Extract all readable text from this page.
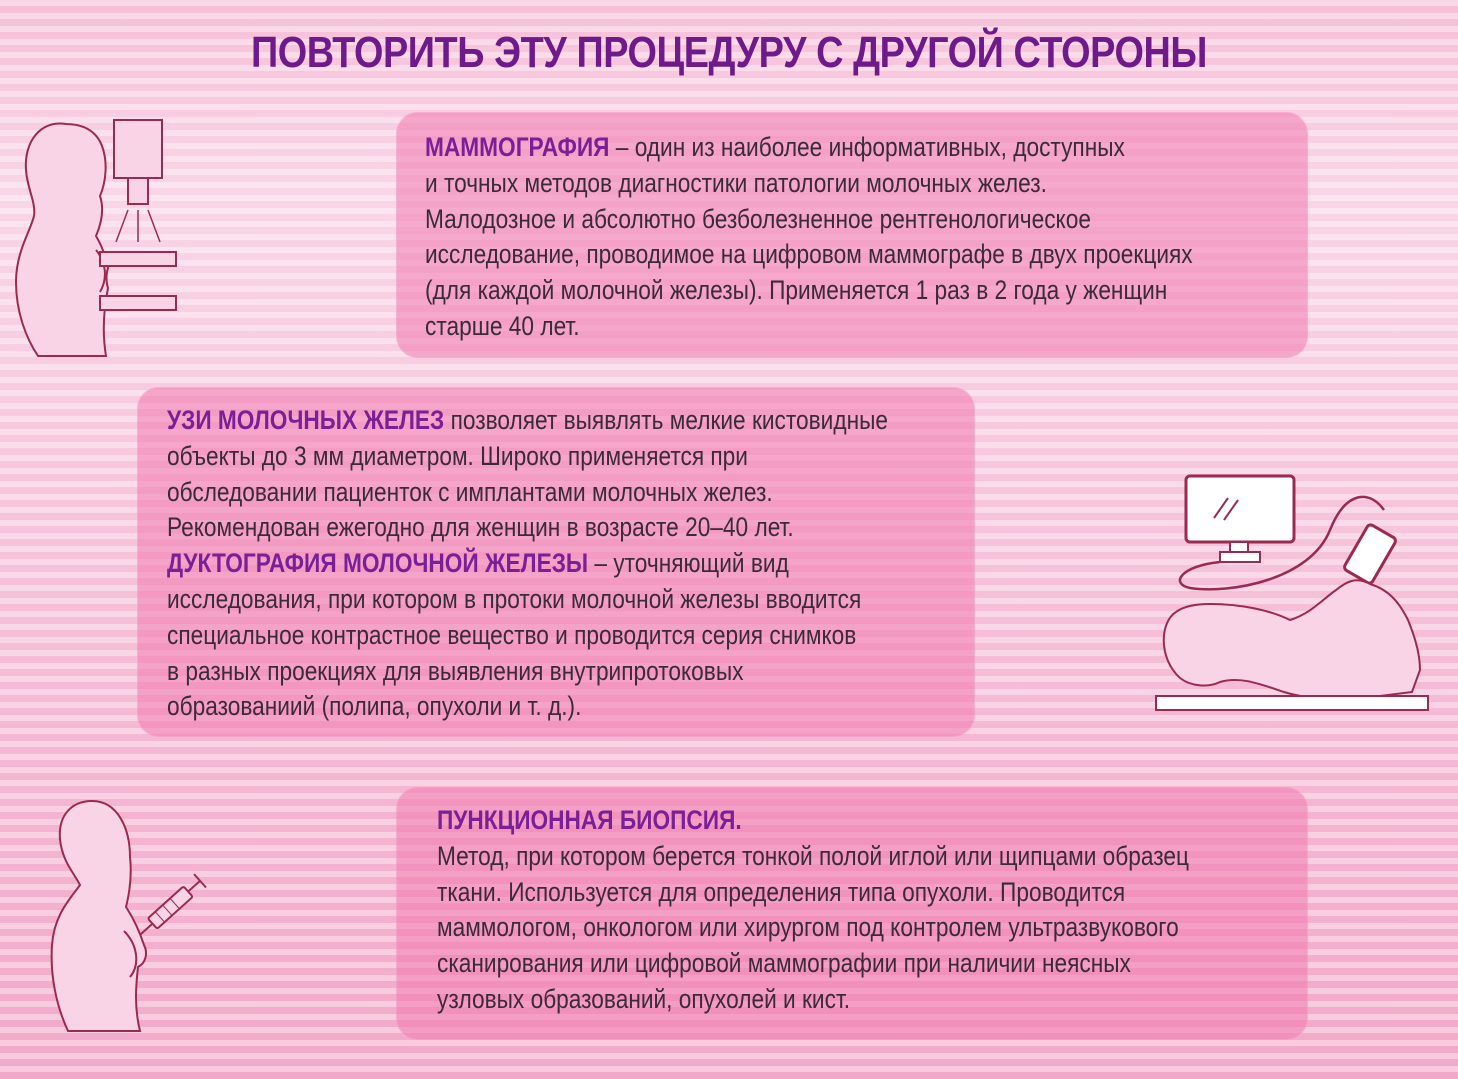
ПОВТОРИТЬ ЭТУ ПРОЦЕДУРУ С ДРУГОЙ СТОРОНЫ
МАММОГРАФИЯ – один из наиболее информативных, доступных
и точных методов диагностики патологии молочных желез.
Малодозное и абсолютно безболезненное рентгенологическое
исследование, проводимое на цифровом маммографе в двух проекциях
(для каждой молочной железы). Применяется 1 раз в 2 года у женщин
старше 40 лет.
УЗИ МОЛОЧНЫХ ЖЕЛЕЗ позволяет выявлять мелкие кистовидные
объекты до 3 мм диаметром. Широко применяется при
обследовании пациенток с имплантами молочных желез.
Рекомендован ежегодно для женщин в возрасте 20–40 лет.
ДУКТОГРАФИЯ МОЛОЧНОЙ ЖЕЛЕЗЫ – уточняющий вид
исследования, при котором в протоки молочной железы вводится
специальное контрастное вещество и проводится серия снимков
в разных проекциях для выявления внутрипротоковых
образованиий (полипа, опухоли и т. д.).
ПУНКЦИОННАЯ БИОПСИЯ.
Метод, при котором берется тонкой полой иглой или щипцами образец
ткани. Используется для определения типа опухоли. Проводится
маммологом, онкологом или хирургом под контролем ультразвукового
сканирования или цифровой маммографии при наличии неясных
узловых образований, опухолей и кист.
